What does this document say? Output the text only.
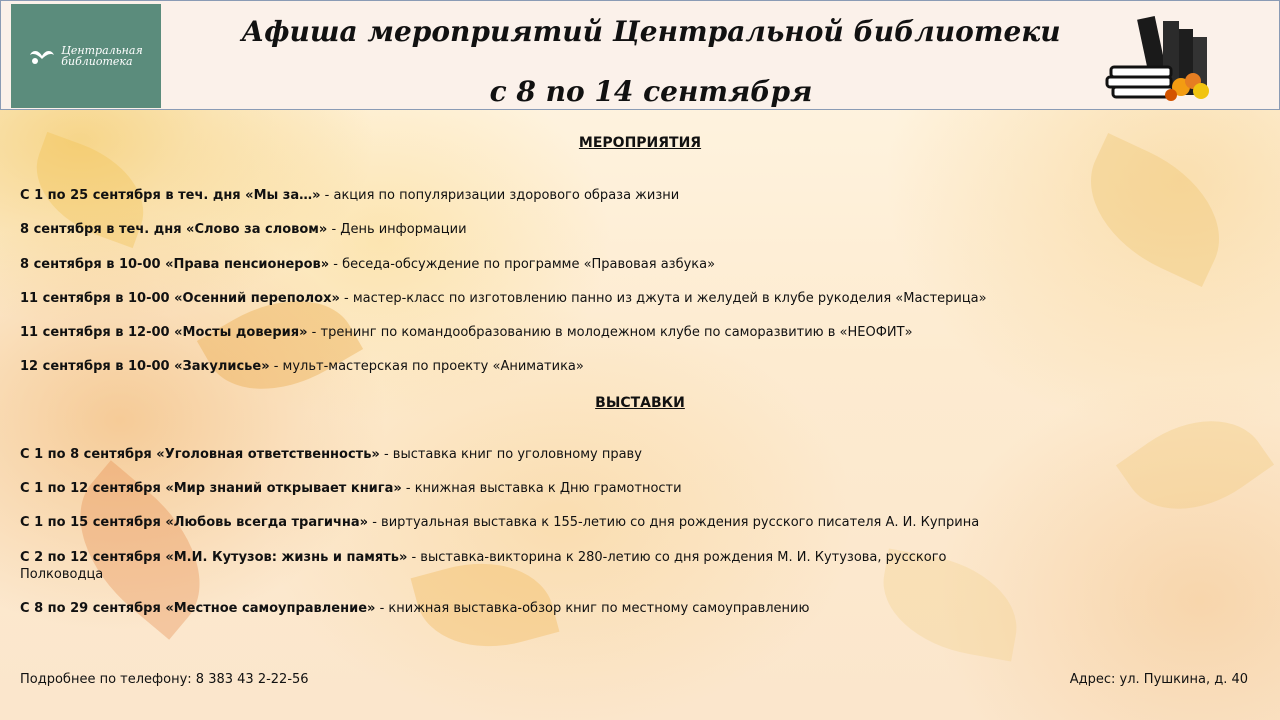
Центральная
библиотека
Афиша мероприятий Центральной библиотеки
с 8 по 14 сентября
МЕРОПРИЯТИЯ
С 1 по 25 сентября в теч. дня «Мы за…» - акция по популяризации здорового образа жизни
8 сентября в теч. дня «Слово за словом» - День информации
8 сентября в 10-00 «Права пенсионеров» - беседа-обсуждение по программе «Правовая азбука»
11 сентября в 10-00 «Осенний переполох» - мастер-класс по изготовлению панно из джута и желудей в клубе рукоделия «Мастерица»
11 сентября в 12-00 «Мосты доверия» - тренинг по командообразованию в молодежном клубе по саморазвитию в «НЕОФИТ»
12 сентября в 10-00 «Закулисье» - мульт-мастерская по проекту «Аниматика»
ВЫСТАВКИ
С 1 по 8 сентября «Уголовная ответственность» - выставка книг по уголовному праву
С 1 по 12 сентября «Мир знаний открывает книга» - книжная выставка к Дню грамотности
С 1 по 15 сентября «Любовь всегда трагична» - виртуальная выставка к 155-летию со дня рождения русского писателя А. И. Куприна
С 2 по 12 сентября «М.И. Кутузов: жизнь и память» - выставка-викторина к 280-летию со дня рождения М. И. Кутузова, русского
Полководца
С 8 по 29 сентября «Местное самоуправление» - книжная выставка-обзор книг по местному самоуправлению
Подробнее по телефону: 8 383 43 2-22-56	Адрес: ул. Пушкина, д. 40
